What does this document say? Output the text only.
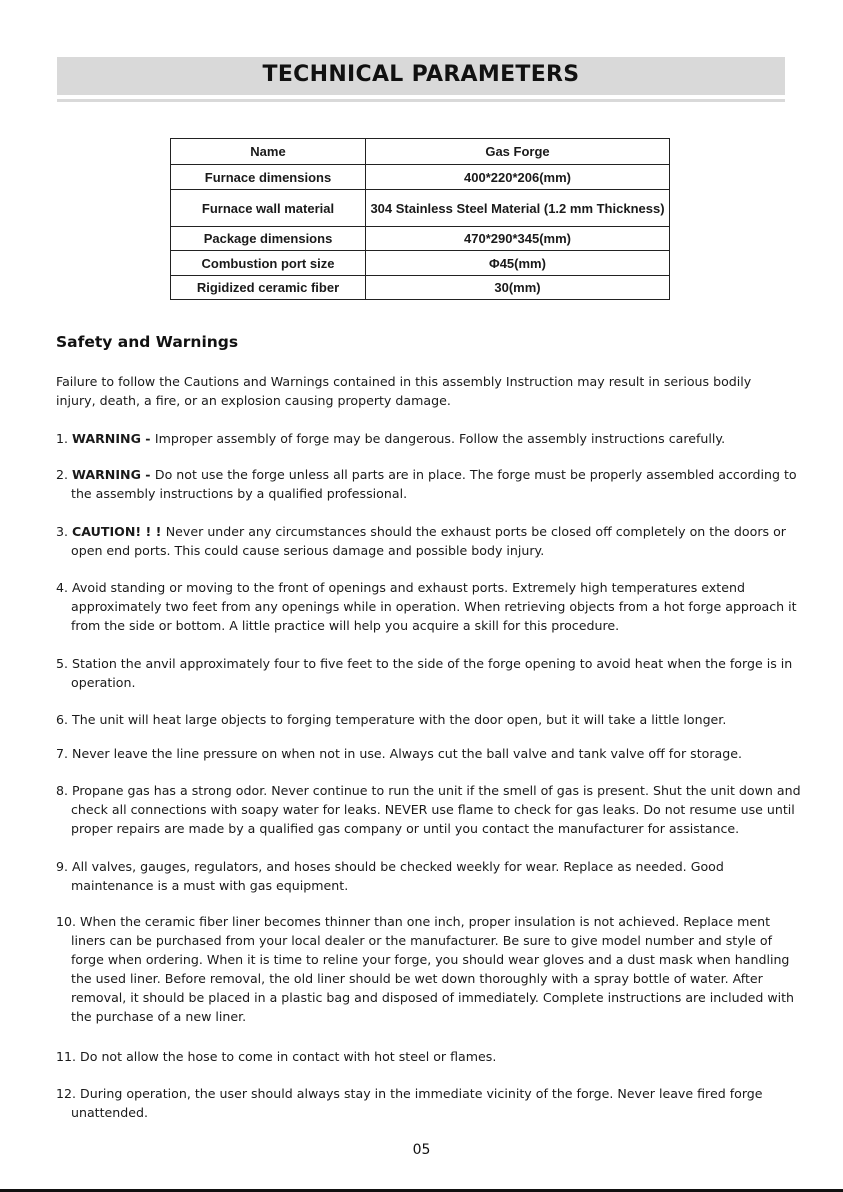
TECHNICAL PARAMETERS
Name	Gas Forge
Furnace dimensions	400*220*206(mm)
Furnace wall material	304 Stainless Steel Material (1.2 mm Thickness)
Package dimensions	470*290*345(mm)
Combustion port size	Φ45(mm)
Rigidized ceramic fiber	30(mm)
Safety and Warnings

Failure to follow the Cautions and Warnings contained in this assembly Instruction may result in serious bodily injury, death, a fire, or an explosion causing property damage.

1. WARNING - Improper assembly of forge may be dangerous. Follow the assembly instructions carefully.

2. WARNING - Do not use the forge unless all parts are in place. The forge must be properly assembled according to the assembly instructions by a qualified professional.

3. CAUTION! ! ! Never under any circumstances should the exhaust ports be closed off completely on the doors or open end ports. This could cause serious damage and possible body injury.

4. Avoid standing or moving to the front of openings and exhaust ports. Extremely high temperatures extend approximately two feet from any openings while in operation. When retrieving objects from a hot forge approach it from the side or bottom. A little practice will help you acquire a skill for this procedure.

5. Station the anvil approximately four to five feet to the side of the forge opening to avoid heat when the forge is in operation.

6. The unit will heat large objects to forging temperature with the door open, but it will take a little longer.

7. Never leave the line pressure on when not in use. Always cut the ball valve and tank valve off for storage.

8. Propane gas has a strong odor. Never continue to run the unit if the smell of gas is present. Shut the unit down and check all connections with soapy water for leaks. NEVER use flame to check for gas leaks. Do not resume use until proper repairs are made by a qualified gas company or until you contact the manufacturer for assistance.

9. All valves, gauges, regulators, and hoses should be checked weekly for wear. Replace as needed. Good maintenance is a must with gas equipment.

10. When the ceramic fiber liner becomes thinner than one inch, proper insulation is not achieved. Replace ment liners can be purchased from your local dealer or the manufacturer. Be sure to give model number and style of forge when ordering. When it is time to reline your forge, you should wear gloves and a dust mask when handling the used liner. Before removal, the old liner should be wet down thoroughly with a spray bottle of water. After removal, it should be placed in a plastic bag and disposed of immediately. Complete instructions are included with the purchase of a new liner.

11. Do not allow the hose to come in contact with hot steel or flames.

12. During operation, the user should always stay in the immediate vicinity of the forge. Never leave fired forge unattended.

05
